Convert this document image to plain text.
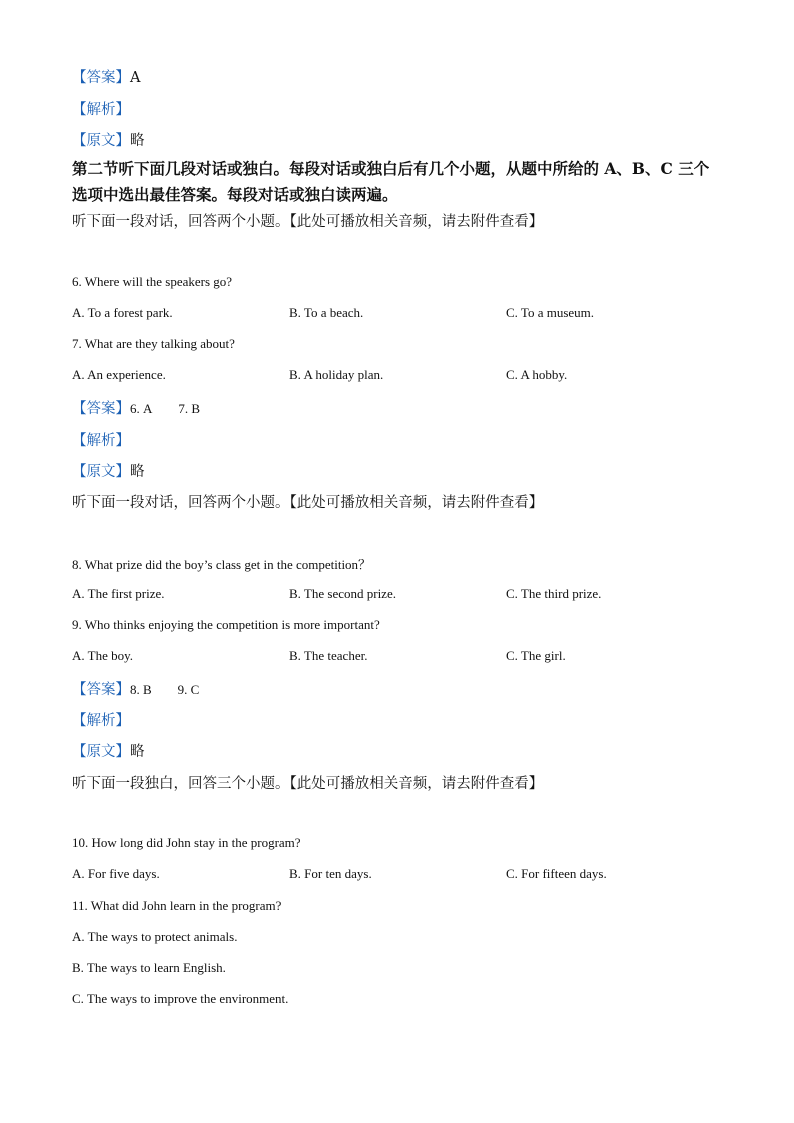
【答案】A
【解析】
【原文】略
第二节听下面几段对话或独白。每段对话或独白后有几个小题，从题中所给的 A、B、C 三个
选项中选出最佳答案。每段对话或独白读两遍。
听下面一段对话，回答两个小题。【此处可播放相关音频，请去附件查看】
6. Where will the speakers go?
A. To a forest park.	B. To a beach.	C. To a museum.
7. What are they talking about?
A. An experience.	B. A holiday plan.	C. A hobby.
【答案】6. A 7. B
【解析】
【原文】略
听下面一段对话，回答两个小题。【此处可播放相关音频，请去附件查看】
8. What prize did the boy’s class get in the competition？
A. The first prize.	B. The second prize.	C. The third prize.
9. Who thinks enjoying the competition is more important?
A. The boy.	B. The teacher.	C. The girl.
【答案】8. B 9. C
【解析】
【原文】略
听下面一段独白，回答三个小题。【此处可播放相关音频，请去附件查看】
10. How long did John stay in the program?
A. For five days.	B. For ten days.	C. For fifteen days.
11. What did John learn in the program?
A. The ways to protect animals.
B. The ways to learn English.
C. The ways to improve the environment.
